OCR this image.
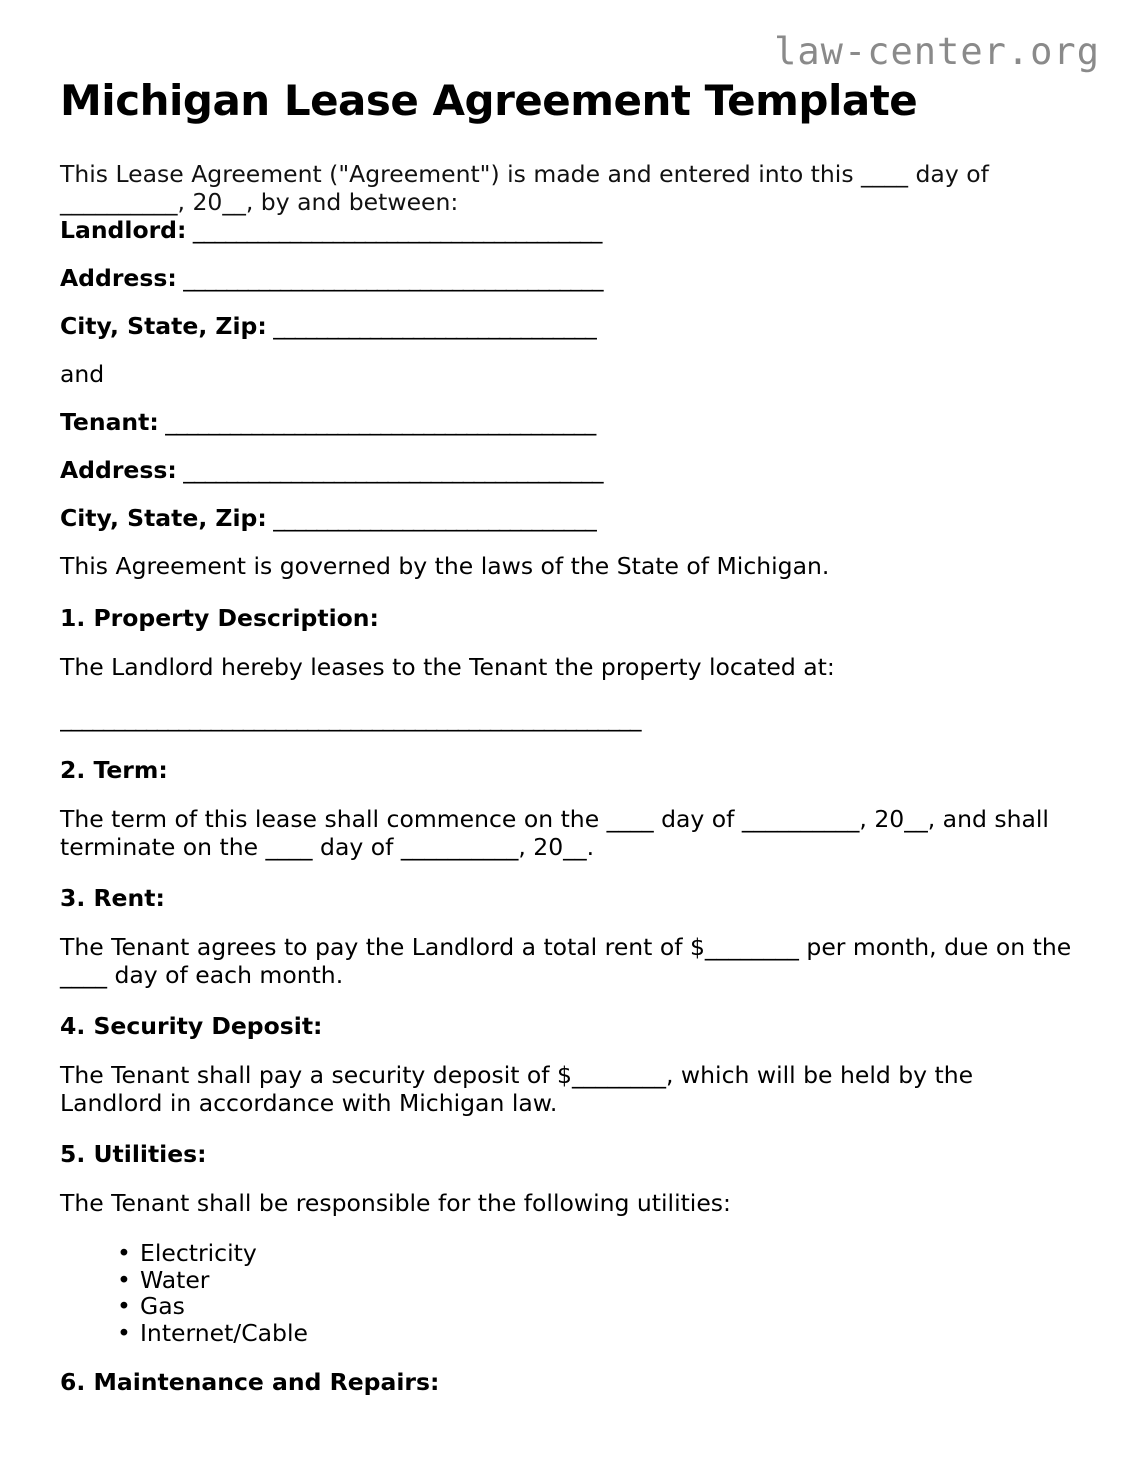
law-center.org
Michigan Lease Agreement Template

This Lease Agreement ("Agreement") is made and entered into this ____ day of __________, 20__, by and between:

Landlord: ______________________________________

Address: _______________________________________

City, State, Zip: ______________________________

and

Tenant: ________________________________________

Address: _______________________________________

City, State, Zip: ______________________________

This Agreement is governed by the laws of the State of Michigan.

1. Property Description:

The Landlord hereby leases to the Tenant the property located at:

______________________________________________________
2. Term:

The term of this lease shall commence on the ____ day of __________, 20__, and shall terminate on the ____ day of __________, 20__.

3. Rent:

The Tenant agrees to pay the Landlord a total rent of $________ per month, due on the ____ day of each month.

4. Security Deposit:

The Tenant shall pay a security deposit of $________, which will be held by the Landlord in accordance with Michigan law.

5. Utilities:

The Tenant shall be responsible for the following utilities:

• Electricity
• Water
• Gas
• Internet/Cable
6. Maintenance and Repairs:
